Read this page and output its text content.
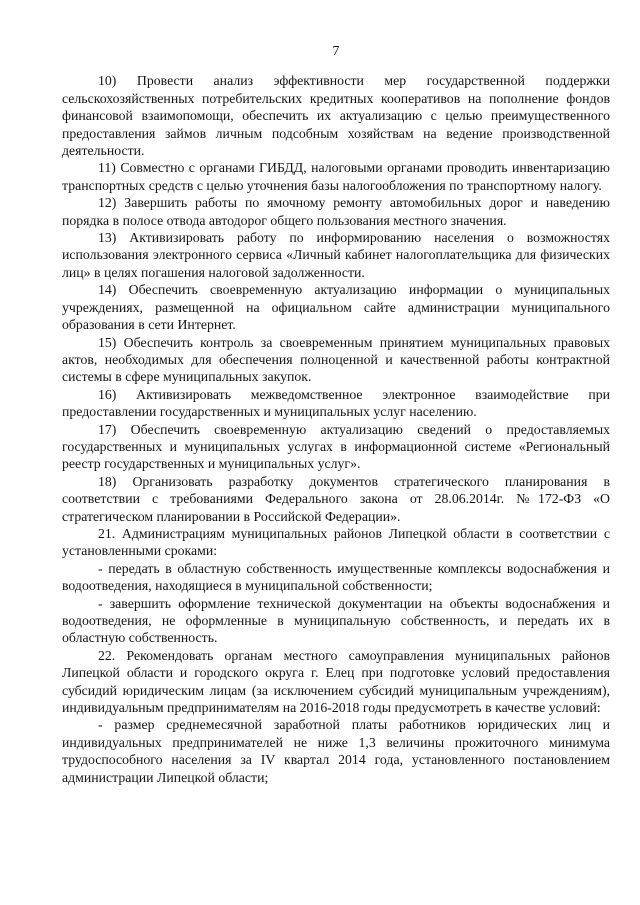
7

10) Провести анализ эффективности мер государственной поддержки сельскохозяйственных потребительских кредитных кооперативов на пополнение фондов финансовой взаимопомощи, обеспечить их актуализацию с целью преимущественного предоставления займов личным подсобным хозяйствам на ведение производственной деятельности.

11) Совместно с органами ГИБДД, налоговыми органами проводить инвентаризацию транспортных средств с целью уточнения базы налогообложения по транспортному налогу.

12) Завершить работы по ямочному ремонту автомобильных дорог и наведению порядка в полосе отвода автодорог общего пользования местного значения.

13) Активизировать работу по информированию населения о возможностях использования электронного сервиса «Личный кабинет налогоплательщика для физических лиц» в целях погашения налоговой задолженности.

14) Обеспечить своевременную актуализацию информации о муниципальных учреждениях, размещенной на официальном сайте администрации муниципального образования в сети Интернет.

15) Обеспечить контроль за своевременным принятием муниципальных правовых актов, необходимых для обеспечения полноценной и качественной работы контрактной системы в сфере муниципальных закупок.

16) Активизировать межведомственное электронное взаимодействие при предоставлении государственных и муниципальных услуг населению.

17) Обеспечить своевременную актуализацию сведений о предоставляемых государственных и муниципальных услугах в информационной системе «Региональный реестр государственных и муниципальных услуг».

18) Организовать разработку документов стратегического планирования в соответствии с требованиями Федерального закона от 28.06.2014г. №172-ФЗ «О стратегическом планировании в Российской Федерации».

21. Администрациям муниципальных районов Липецкой области в соответствии с установленными сроками:

- передать в областную собственность имущественные комплексы водоснабжения и водоотведения, находящиеся в муниципальной собственности;

- завершить оформление технической документации на объекты водоснабжения и водоотведения, не оформленные в муниципальную собственность, и передать их в областную собственность.

22. Рекомендовать органам местного самоуправления муниципальных районов Липецкой области и городского округа г. Елец при подготовке условий предоставления субсидий юридическим лицам (за исключением субсидий муниципальным учреждениям), индивидуальным предпринимателям на 2016-2018 годы предусмотреть в качестве условий:

- размер среднемесячной заработной платы работников юридических лиц и индивидуальных предпринимателей не ниже 1,3 величины прожиточного минимума трудоспособного населения за IV квартал 2014 года, установленного постановлением администрации Липецкой области;
